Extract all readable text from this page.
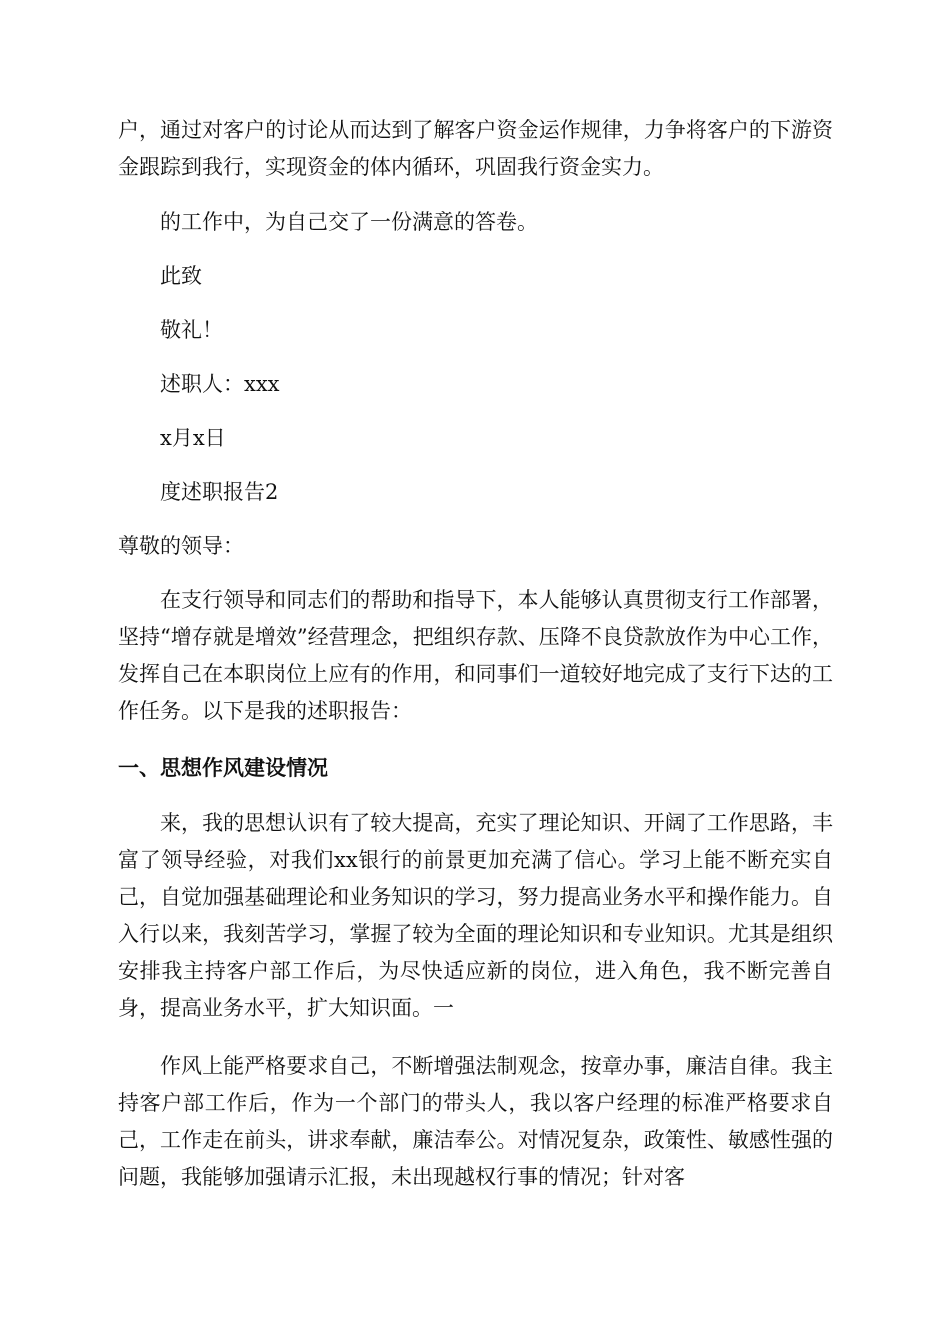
户，通过对客户的讨论从而达到了解客户资金运作规律，力争将客户的下游资金跟踪到我行，实现资金的体内循环，巩固我行资金实力。

的工作中，为自己交了一份满意的答卷。

此致

敬礼！

述职人：xxx

x月x日

度述职报告2

尊敬的领导：

在支行领导和同志们的帮助和指导下，本人能够认真贯彻支行工作部署，坚持“增存就是增效”经营理念，把组织存款、压降不良贷款放作为中心工作，发挥自己在本职岗位上应有的作用，和同事们一道较好地完成了支行下达的工作任务。以下是我的述职报告：

一、思想作风建设情况

来，我的思想认识有了较大提高，充实了理论知识、开阔了工作思路，丰富了领导经验，对我们xx银行的前景更加充满了信心。学习上能不断充实自己，自觉加强基础理论和业务知识的学习，努力提高业务水平和操作能力。自入行以来，我刻苦学习，掌握了较为全面的理论知识和专业知识。尤其是组织安排我主持客户部工作后，为尽快适应新的岗位，进入角色，我不断完善自身，提高业务水平，扩大知识面。一

作风上能严格要求自己，不断增强法制观念，按章办事，廉洁自律。我主持客户部工作后，作为一个部门的带头人，我以客户经理的标准严格要求自己，工作走在前头，讲求奉献，廉洁奉公。对情况复杂，政策性、敏感性强的问题，我能够加强请示汇报，未出现越权行事的情况；针对客
